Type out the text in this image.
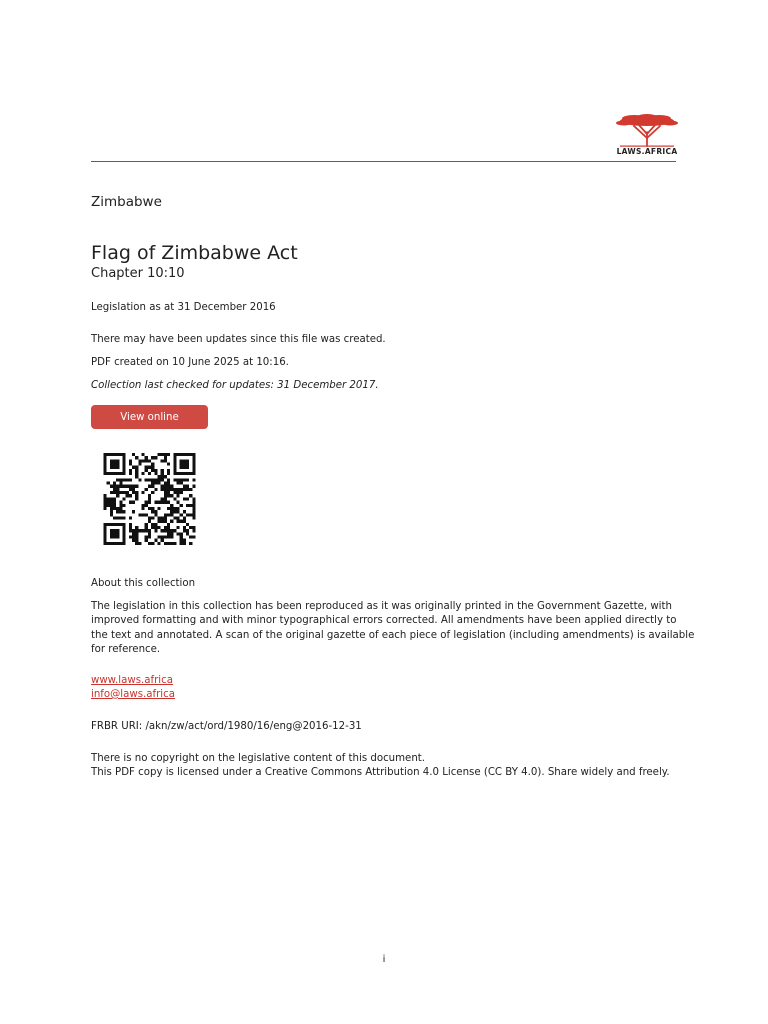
LAWS.AFRICA
Zimbabwe
Flag of Zimbabwe Act
Chapter 10:10
Legislation as at 31 December 2016
There may have been updates since this file was created.
PDF created on 10 June 2025 at 10:16.
Collection last checked for updates: 31 December 2017.
View online
About this collection
The legislation in this collection has been reproduced as it was originally printed in the Government Gazette, with
improved formatting and with minor typographical errors corrected. All amendments have been applied directly to
the text and annotated. A scan of the original gazette of each piece of legislation (including amendments) is available
for reference.
www.laws.africa
info@laws.africa
FRBR URI: /akn/zw/act/ord/1980/16/eng@2016-12-31
There is no copyright on the legislative content of this document.
This PDF copy is licensed under a Creative Commons Attribution 4.0 License (CC BY 4.0). Share widely and freely.
i
